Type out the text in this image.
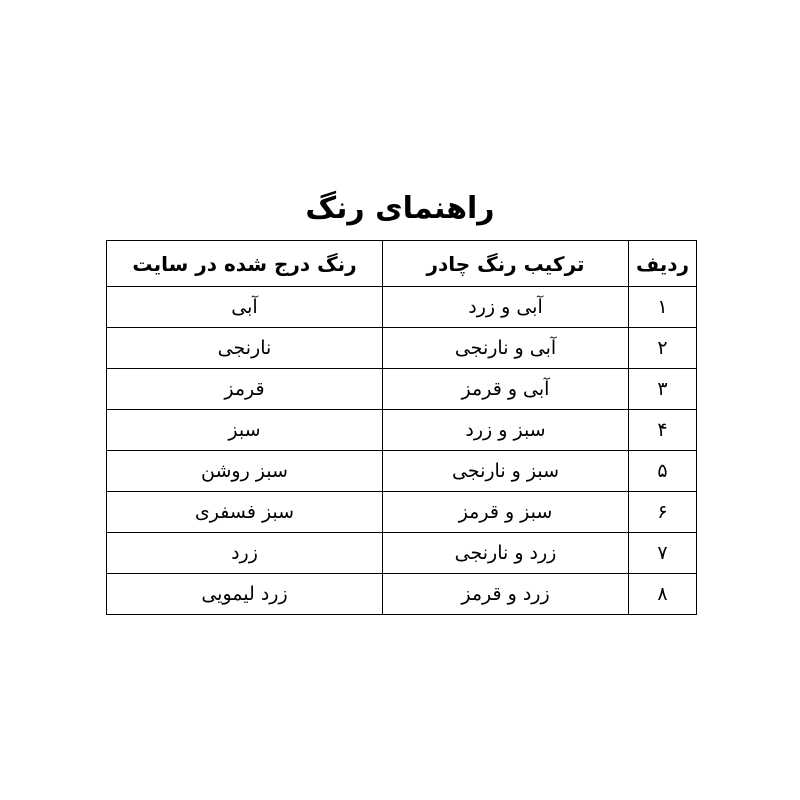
راهنمای رنگ
ردیف	ترکیب رنگ چادر	رنگ درج شده در سایت
۱	آبی و زرد	آبی
۲	آبی و نارنجی	نارنجی
۳	آبی و قرمز	قرمز
۴	سبز و زرد	سبز
۵	سبز و نارنجی	سبز روشن
۶	سبز و قرمز	سبز فسفری
۷	زرد و نارنجی	زرد
۸	زرد و قرمز	زرد لیمویی
